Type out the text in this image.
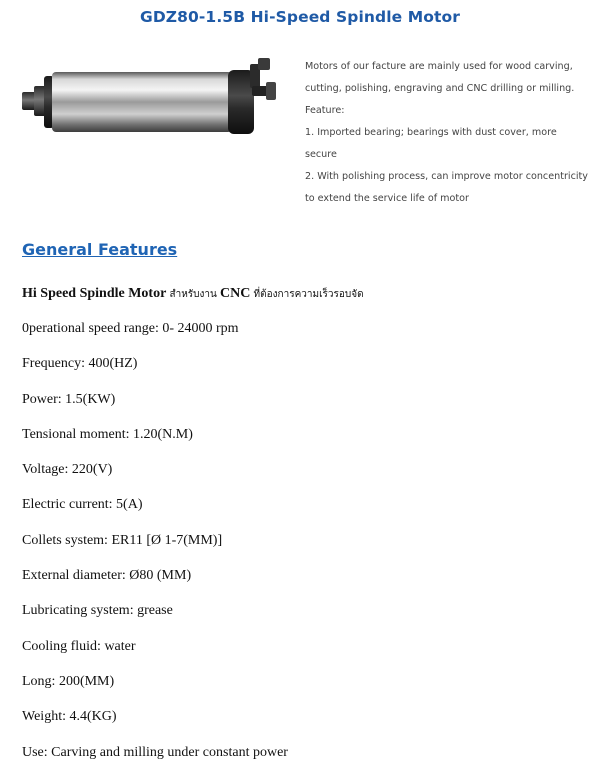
GDZ80-1.5B Hi-Speed Spindle Motor

Motors of our facture are mainly used for wood carving, cutting, polishing, engraving and CNC drilling or milling.

Feature:

1. Imported bearing; bearings with dust cover, more secure

2. With polishing process, can improve motor concentricity to extend the service life of motor

General Features
Hi Speed Spindle Motor สำหรับงาน CNC ที่ต้องการความเร็วรอบจัด
0perational speed range: 0- 24000 rpm
Frequency: 400(HZ)
Power: 1.5(KW)
Tensional moment: 1.20(N.M)
Voltage: 220(V)
Electric current: 5(A)
Collets system: ER11 [Ø 1-7(MM)]
External diameter: Ø80 (MM)
Lubricating system: grease
Cooling fluid: water
Long: 200(MM)
Weight: 4.4(KG)
Use: Carving and milling under constant power
